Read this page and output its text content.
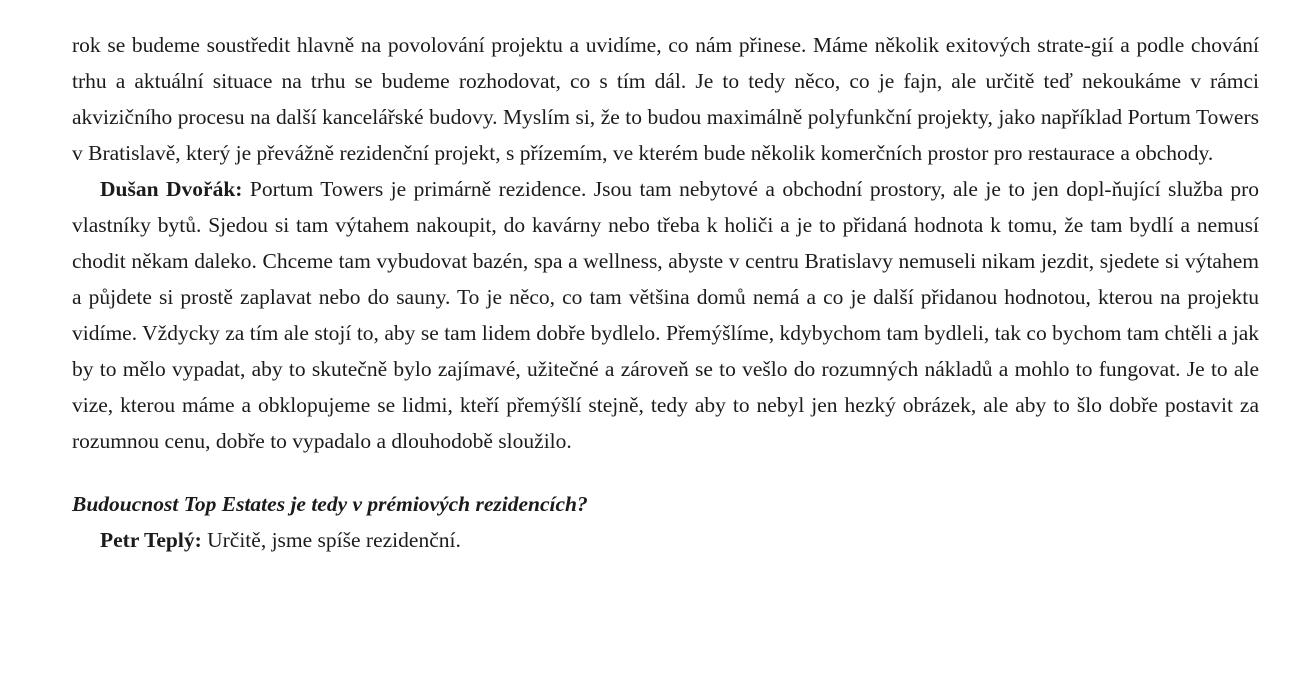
rok se budeme soustředit hlavně na povolování projektu a uvidíme, co nám přinese. Máme několik exitových strate-gií a podle chování trhu a aktuální situace na trhu se budeme rozhodovat, co s tím dál. Je to tedy něco, co je fajn, ale určitě teď nekoukáme v rámci akvizičního procesu na další kancelářské budovy. Myslím si, že to budou maximálně polyfunkční projekty, jako například Portum Towers v Bratislavě, který je převážně rezidenční projekt, s přízemím, ve kterém bude několik komerčních prostor pro restaurace a obchody.

Dušan Dvořák: Portum Towers je primárně rezidence. Jsou tam nebytové a obchodní prostory, ale je to jen dopl-ňující služba pro vlastníky bytů. Sjedou si tam výtahem nakoupit, do kavárny nebo třeba k holiči a je to přidaná hodnota k tomu, že tam bydlí a nemusí chodit někam daleko. Chceme tam vybudovat bazén, spa a wellness, abyste v centru Bratislavy nemuseli nikam jezdit, sjedete si výtahem a půjdete si prostě zaplavat nebo do sauny. To je něco, co tam většina domů nemá a co je další přidanou hodnotou, kterou na projektu vidíme. Vždycky za tím ale stojí to, aby se tam lidem dobře bydlelo. Přemýšlíme, kdybychom tam bydleli, tak co bychom tam chtěli a jak by to mělo vypadat, aby to skutečně bylo zajímavé, užitečné a zároveň se to vešlo do rozumných nákladů a mohlo to fungovat. Je to ale vize, kterou máme a obklopujeme se lidmi, kteří přemýšlí stejně, tedy aby to nebyl jen hezký obrázek, ale aby to šlo dobře postavit za rozumnou cenu, dobře to vypadalo a dlouhodobě sloužilo.

Budoucnost Top Estates je tedy v prémiových rezidencích?

Petr Teplý: Určitě, jsme spíše rezidenční.
